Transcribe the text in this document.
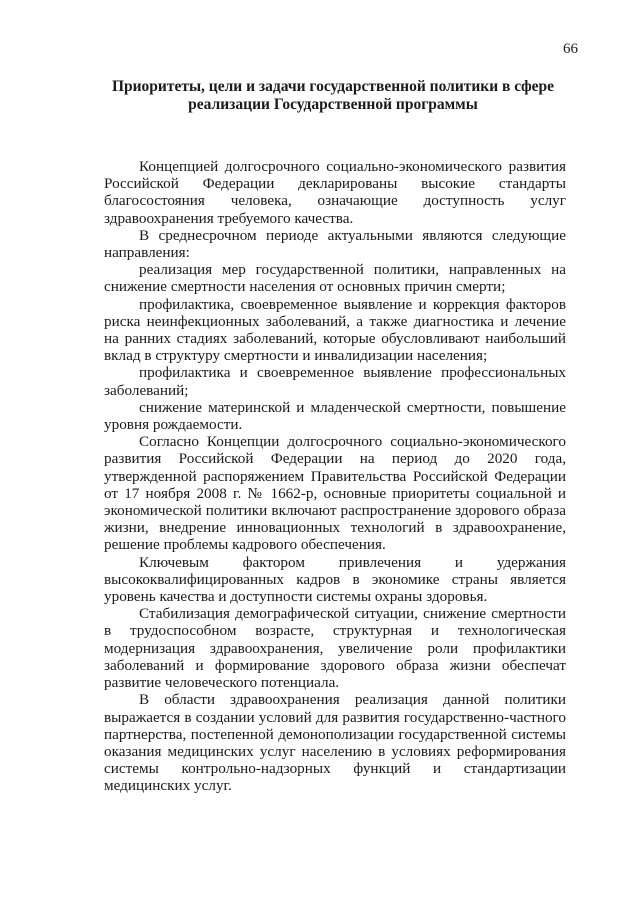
66
Приоритеты, цели и задачи государственной политики в сфере
реализации Государственной программы

Концепцией долгосрочного социально-экономического развития Российской Федерации декларированы высокие стандарты благосостояния человека, означающие доступность услуг здравоохранения требуемого качества.

В среднесрочном периоде актуальными являются следующие направления:

реализация мер государственной политики, направленных на снижение смертности населения от основных причин смерти;

профилактика, своевременное выявление и коррекция факторов риска неинфекционных заболеваний, а также диагностика и лечение на ранних стадиях заболеваний, которые обусловливают наибольший вклад в структуру смертности и инвалидизации населения;

профилактика и своевременное выявление профессиональных заболеваний;

снижение материнской и младенческой смертности, повышение уровня рождаемости.

Согласно Концепции долгосрочного социально-экономического развития Российской Федерации на период до 2020 года, утвержденной распоряжением Правительства Российской Федерации от 17 ноября 2008 г. № 1662-р, основные приоритеты социальной и экономической политики включают распространение здорового образа жизни, внедрение инновационных технологий в здравоохранение, решение проблемы кадрового обеспечения.

Ключевым фактором привлечения и удержания высококвалифицированных кадров в экономике страны является уровень качества и доступности системы охраны здоровья.

Стабилизация демографической ситуации, снижение смертности в трудоспособном возрасте, структурная и технологическая модернизация здравоохранения, увеличение роли профилактики заболеваний и формирование здорового образа жизни обеспечат развитие человеческого потенциала.

В области здравоохранения реализация данной политики выражается в создании условий для развития государственно-частного партнерства, постепенной демонополизации государственной системы оказания медицинских услуг населению в условиях реформирования системы контрольно-надзорных функций и стандартизации медицинских услуг.
